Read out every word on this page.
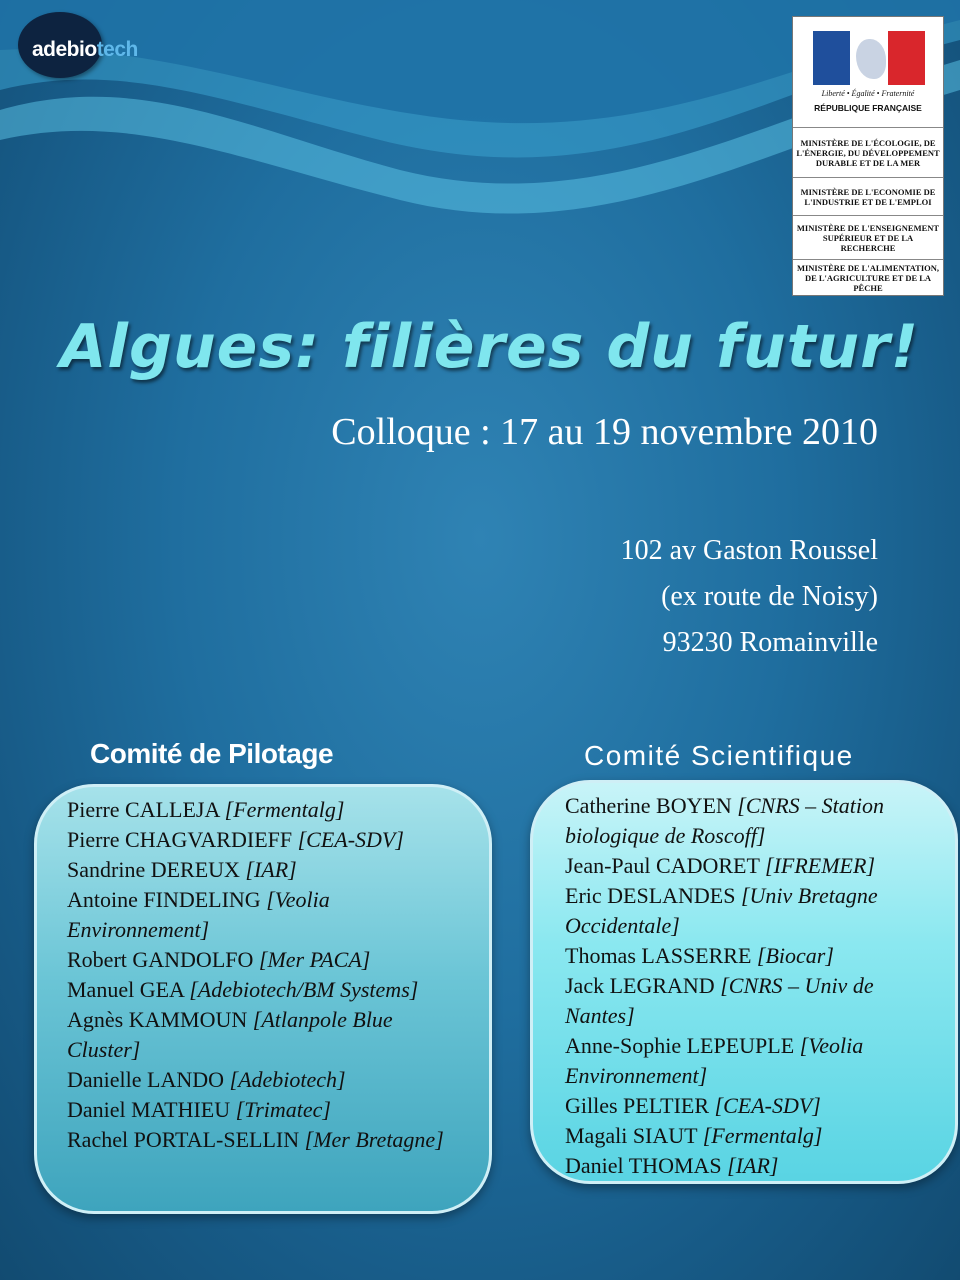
adebiotech
Liberté • Égalité • Fraternité
RÉPUBLIQUE FRANÇAISE
MINISTÈRE DE L'ÉCOLOGIE, DE L'ÉNERGIE, DU DÉVELOPPEMENT DURABLE ET DE LA MER
MINISTÈRE DE L'ECONOMIE DE L'INDUSTRIE ET DE L'EMPLOI
MINISTÈRE DE L'ENSEIGNEMENT SUPÉRIEUR ET DE LA RECHERCHE
MINISTÈRE DE L'ALIMENTATION, DE L'AGRICULTURE ET DE LA PÊCHE
Algues: filières du futur!
Colloque : 17 au 19 novembre 2010
102 av Gaston Roussel
(ex route de Noisy)
93230 Romainville
Comité de Pilotage	Comité Scientifique

Pierre CALLEJA [Fermentalg]

Pierre CHAGVARDIEFF [CEA-SDV]

Sandrine DEREUX [IAR]

Antoine FINDELING [Veolia Environnement]

Robert GANDOLFO [Mer PACA]

Manuel GEA [Adebiotech/BM Systems]

Agnès KAMMOUN [Atlanpole Blue Cluster]

Danielle LANDO [Adebiotech]

Daniel MATHIEU [Trimatec]

Rachel PORTAL-SELLIN [Mer Bretagne]

Catherine BOYEN [CNRS – Station biologique de Roscoff]

Jean-Paul CADORET [IFREMER]

Eric DESLANDES [Univ Bretagne Occidentale]

Thomas LASSERRE [Biocar]

Jack LEGRAND [CNRS – Univ de Nantes]

Anne-Sophie LEPEUPLE [Veolia Environnement]

Gilles PELTIER [CEA-SDV]

Magali SIAUT [Fermentalg]

Daniel THOMAS [IAR]
